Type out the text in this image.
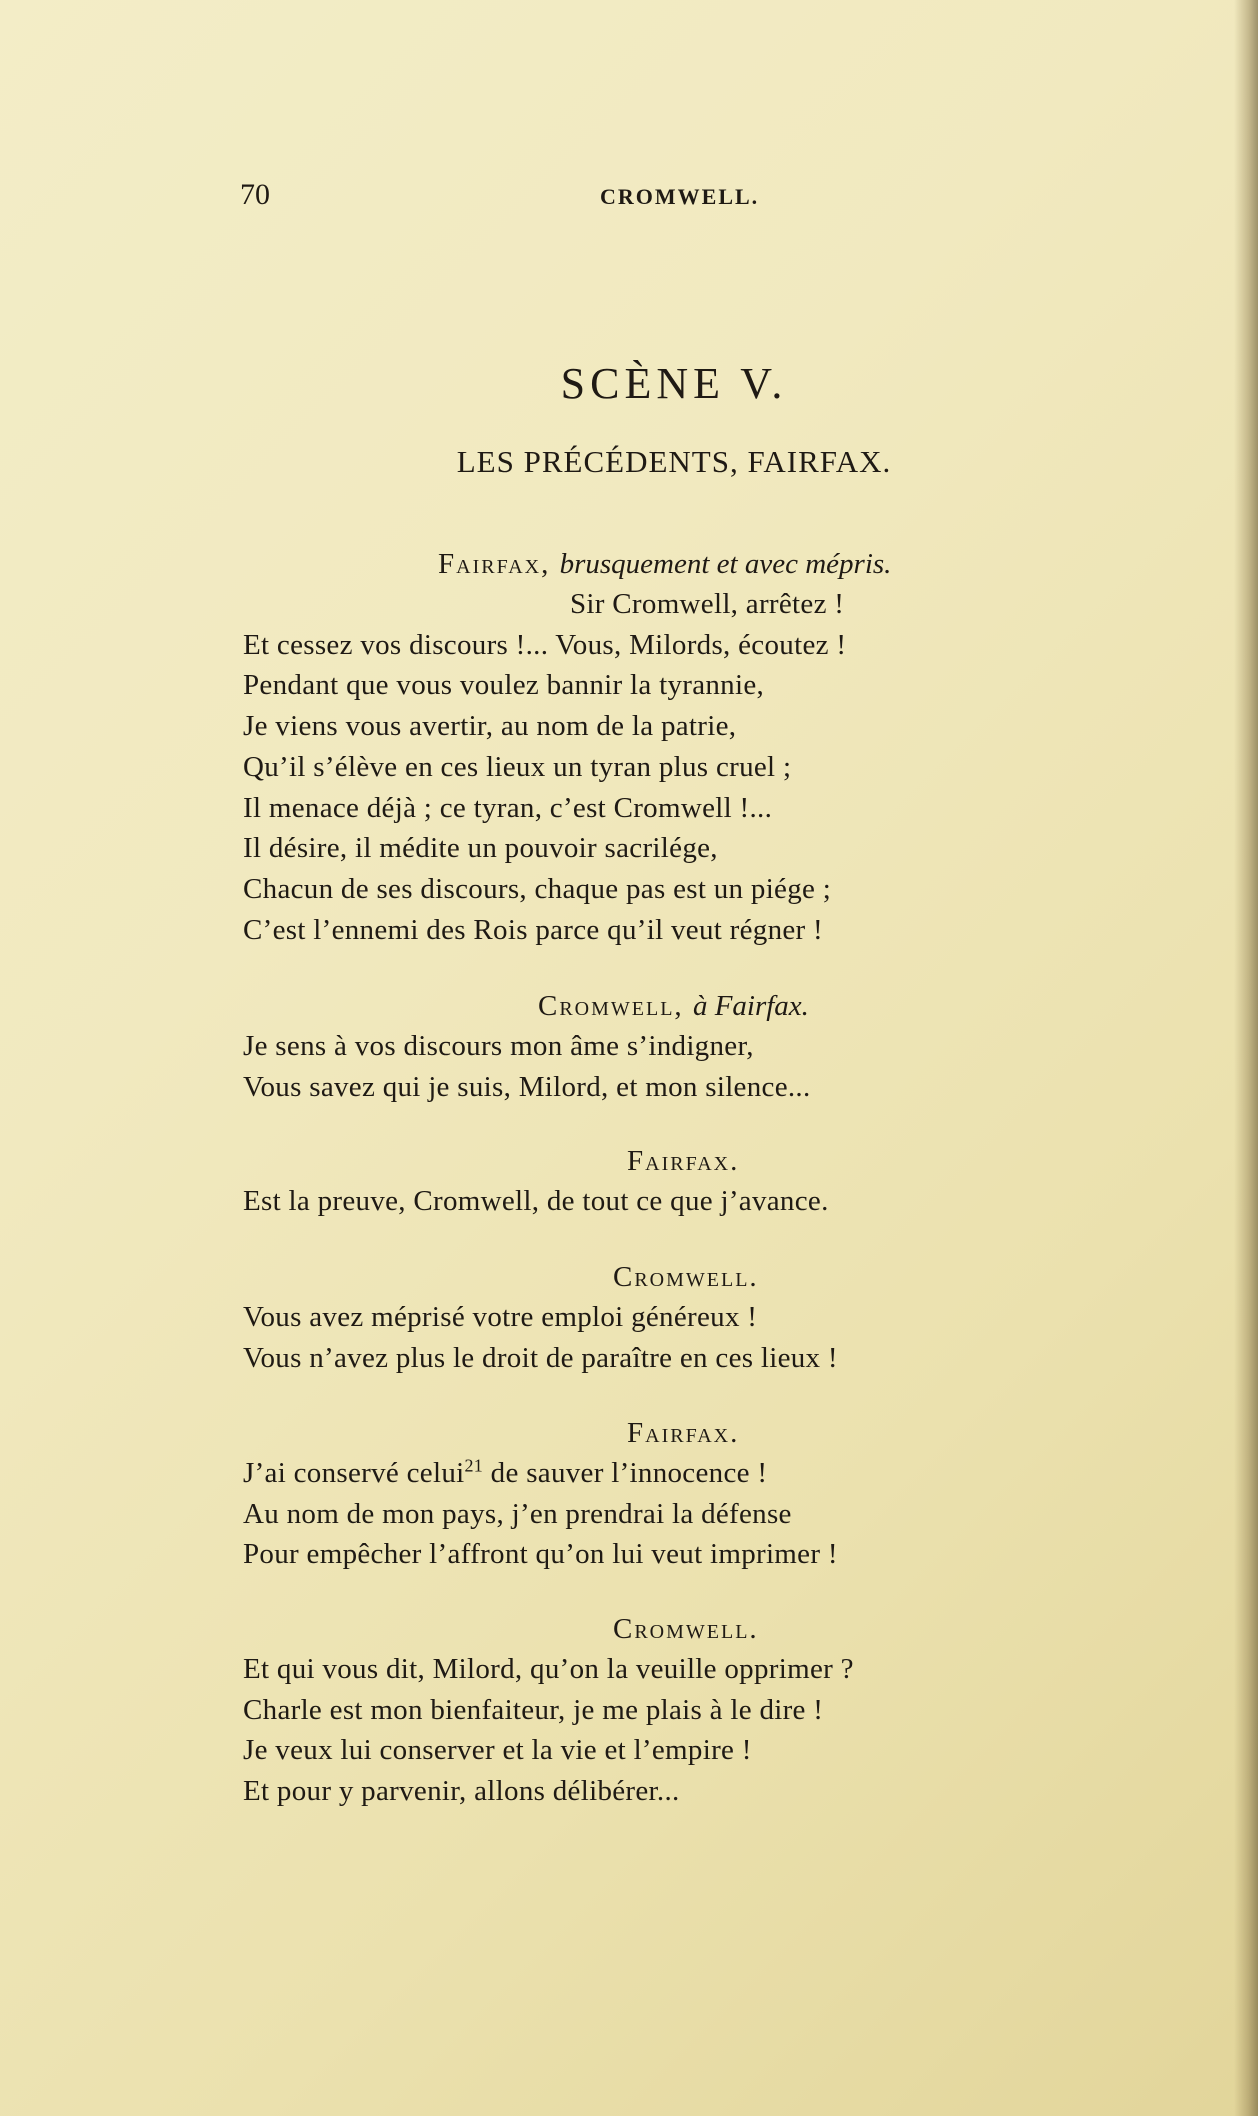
70	CROMWELL.
SCÈNE V.
LES PRÉCÉDENTS, FAIRFAX.
Fairfax, brusquement et avec mépris.
Sir Cromwell, arrêtez !
Et cessez vos discours !... Vous, Milords, écoutez !
Pendant que vous voulez bannir la tyrannie,
Je viens vous avertir, au nom de la patrie,
Qu’il s’élève en ces lieux un tyran plus cruel ;
Il menace déjà ; ce tyran, c’est Cromwell !...
Il désire, il médite un pouvoir sacrilége,
Chacun de ses discours, chaque pas est un piége ;
C’est l’ennemi des Rois parce qu’il veut régner !
Cromwell, à Fairfax.
Je sens à vos discours mon âme s’indigner,
Vous savez qui je suis, Milord, et mon silence...
Fairfax.
Est la preuve, Cromwell, de tout ce que j’avance.
Cromwell.
Vous avez méprisé votre emploi généreux !
Vous n’avez plus le droit de paraître en ces lieux !
Fairfax.
J’ai conservé celui$^{21}$ de sauver l’innocence !
Au nom de mon pays, j’en prendrai la défense
Pour empêcher l’affront qu’on lui veut imprimer !
Cromwell.
Et qui vous dit, Milord, qu’on la veuille opprimer ?
Charle est mon bienfaiteur, je me plais à le dire !
Je veux lui conserver et la vie et l’empire !
Et pour y parvenir, allons délibérer...
